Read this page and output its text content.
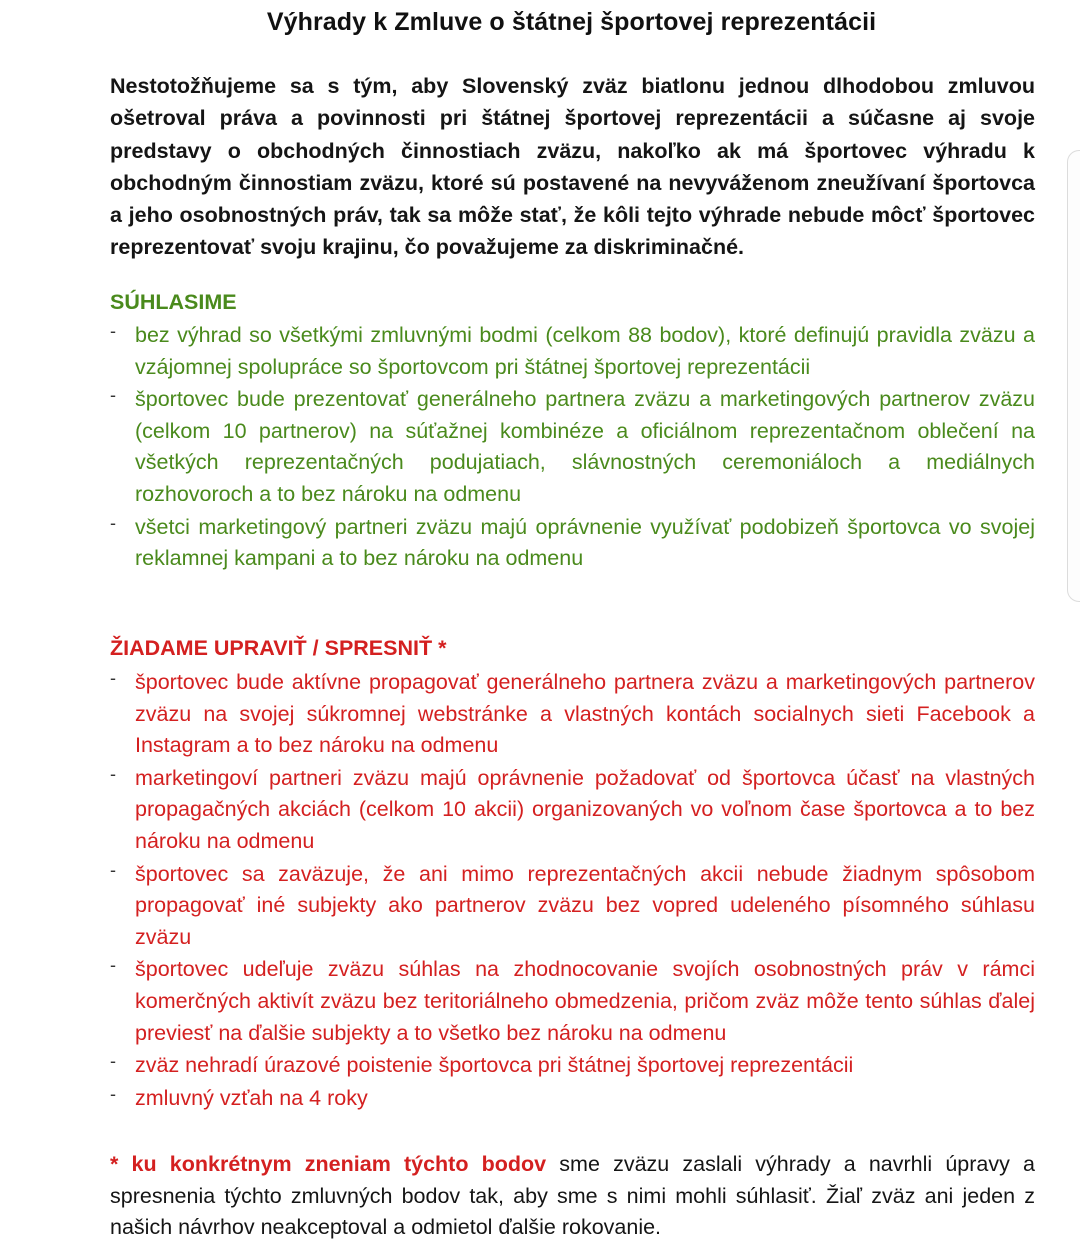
Výhrady k Zmluve o štátnej športovej reprezentácii
Nestotožňujeme sa s tým, aby Slovenský zväz biatlonu jednou dlhodobou zmluvou ošetroval práva a povinnosti pri štátnej športovej reprezentácii a súčasne aj svoje predstavy o obchodných činnostiach zväzu, nakoľko ak má športovec výhradu k obchodným činnostiam zväzu, ktoré sú postavené na nevyváženom zneužívaní športovca a jeho osobnostných práv, tak sa môže stať, že kôli tejto výhrade nebude môcť športovec reprezentovať svoju krajinu, čo považujeme za diskriminačné.
SÚHLASIME
- bez výhrad so všetkými zmluvnými bodmi (celkom 88 bodov), ktoré definujú pravidla zväzu a vzájomnej spolupráce so športovcom pri štátnej športovej reprezentácii
- športovec bude prezentovať generálneho partnera zväzu a marketingových partnerov zväzu (celkom 10 partnerov) na súťažnej kombinéze a oficiálnom reprezentačnom oblečení na všetkých reprezentačných podujatiach, slávnostných ceremoniáloch a mediálnych rozhovoroch a to bez nároku na odmenu
- všetci marketingový partneri zväzu majú oprávnenie využívať podobizeň športovca vo svojej reklamnej kampani a to bez nároku na odmenu
ŽIADAME UPRAVIŤ / SPRESNIŤ *
- športovec bude aktívne propagovať generálneho partnera zväzu a marketingových partnerov zväzu na svojej súkromnej webstránke a vlastných kontách socialnych sieti Facebook a Instagram a to bez nároku na odmenu
- marketingoví partneri zväzu majú oprávnenie požadovať od športovca účasť na vlastných propagačných akciách (celkom 10 akcii) organizovaných vo voľnom čase športovca a to bez nároku na odmenu
- športovec sa zaväzuje, že ani mimo reprezentačných akcii nebude žiadnym spôsobom propagovať iné subjekty ako partnerov zväzu bez vopred udeleného písomného súhlasu zväzu
- športovec udeľuje zväzu súhlas na zhodnocovanie svojích osobnostných práv v rámci komerčných aktivít zväzu bez teritoriálneho obmedzenia, pričom zväz môže tento súhlas ďalej previesť na ďalšie subjekty a to všetko bez nároku na odmenu
- zväz nehradí úrazové poistenie športovca pri štátnej športovej reprezentácii
- zmluvný vzťah na 4 roky
* ku konkrétnym zneniam týchto bodov sme zväzu zaslali výhrady a navrhli úpravy a spresnenia týchto zmluvných bodov tak, aby sme s nimi mohli súhlasiť. Žiaľ zväz ani jeden z našich návrhov neakceptoval a odmietol ďalšie rokovanie.
